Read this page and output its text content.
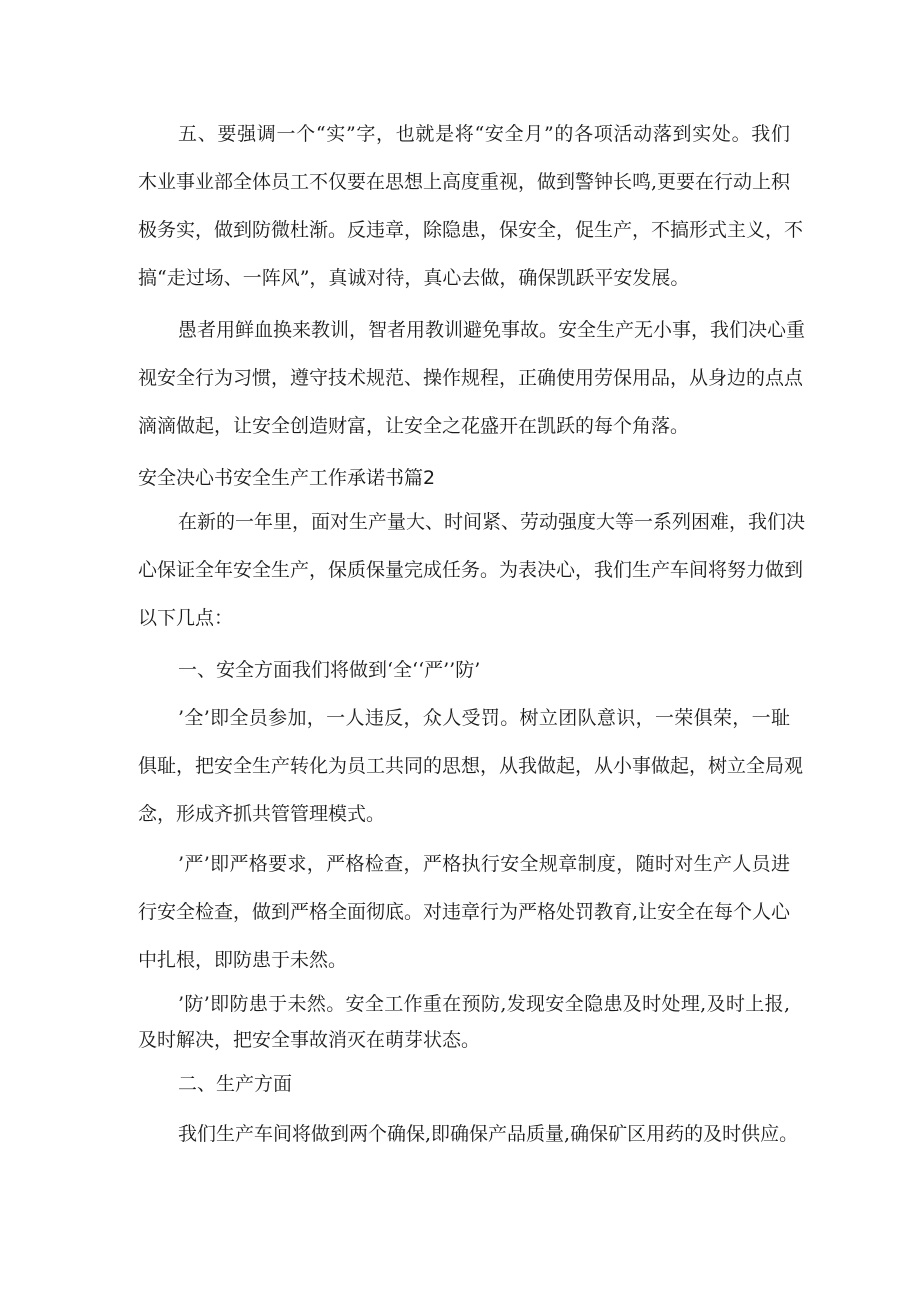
五、要强调一个“实”字，也就是将“安全月”的各项活动落到实处。我们
木业事业部全体员工不仅要在思想上高度重视，做到警钟长鸣,更要在行动上积
极务实，做到防微杜渐。反违章，除隐患，保安全，促生产，不搞形式主义，不
搞“走过场、一阵风”，真诚对待，真心去做，确保凯跃平安发展。
愚者用鲜血换来教训，智者用教训避免事故。安全生产无小事，我们决心重
视安全行为习惯，遵守技术规范、操作规程，正确使用劳保用品，从身边的点点
滴滴做起，让安全创造财富，让安全之花盛开在凯跃的每个角落。
安全决心书安全生产工作承诺书篇2
在新的一年里，面对生产量大、时间紧、劳动强度大等一系列困难，我们决
心保证全年安全生产，保质保量完成任务。为表决心，我们生产车间将努力做到
以下几点：
一、安全方面我们将做到‘全‘‘严’’防’
’全’即全员参加，一人违反，众人受罚。树立团队意识，一荣俱荣，一耻
俱耻，把安全生产转化为员工共同的思想，从我做起，从小事做起，树立全局观
念，形成齐抓共管管理模式。
’严’即严格要求，严格检查，严格执行安全规章制度，随时对生产人员进
行安全检查，做到严格全面彻底。对违章行为严格处罚教育,让安全在每个人心
中扎根，即防患于未然。
’防’即防患于未然。安全工作重在预防,发现安全隐患及时处理,及时上报,
及时解决，把安全事故消灭在萌芽状态。
二、生产方面
我们生产车间将做到两个确保,即确保产品质量,确保矿区用药的及时供应。
